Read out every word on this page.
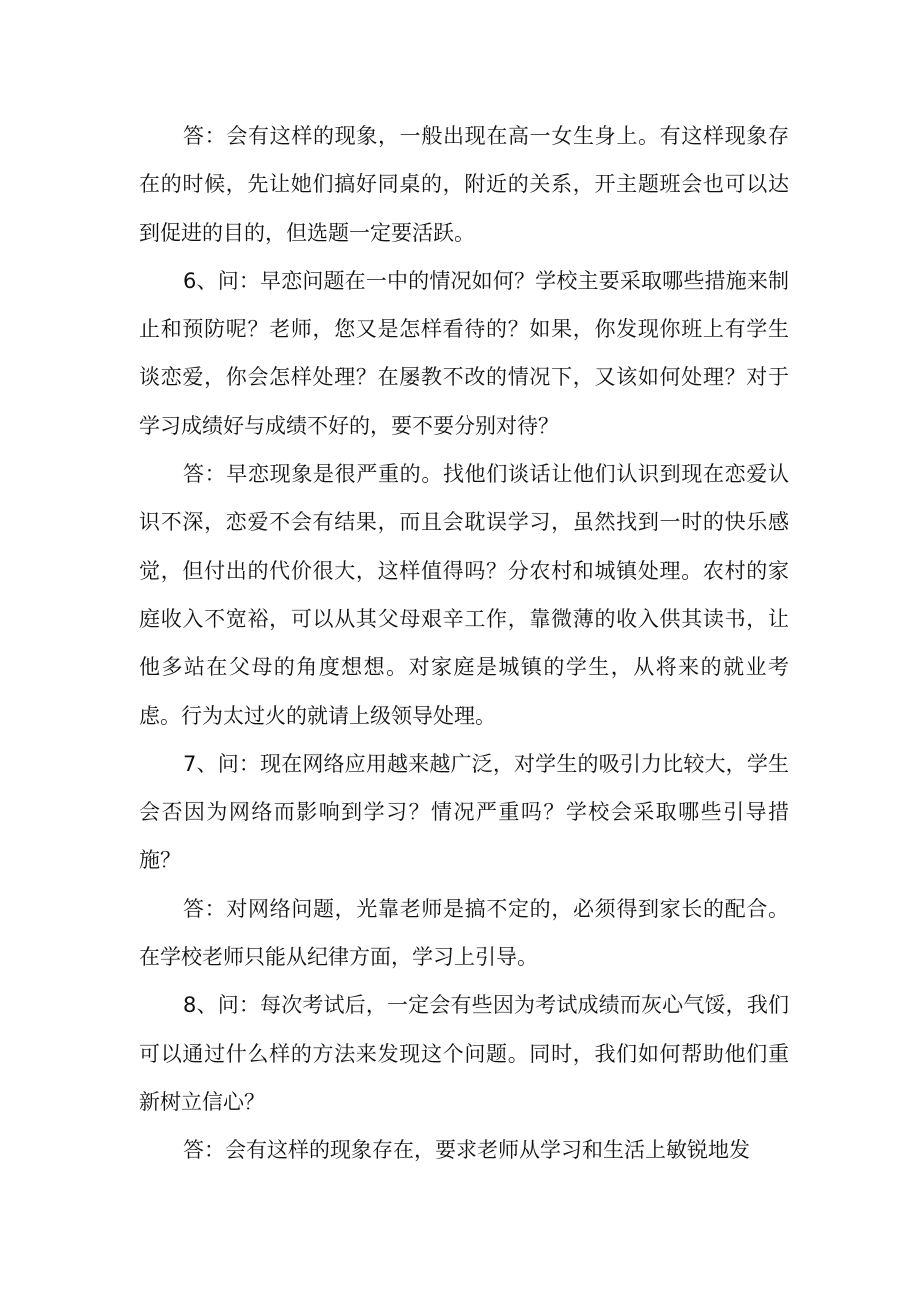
答：会有这样的现象，一般出现在高一女生身上。有这样现象存在的时候，先让她们搞好同桌的，附近的关系，开主题班会也可以达到促进的目的，但选题一定要活跃。

6、问：早恋问题在一中的情况如何？学校主要采取哪些措施来制止和预防呢？老师，您又是怎样看待的？如果，你发现你班上有学生谈恋爱，你会怎样处理？在屡教不改的情况下，又该如何处理？对于学习成绩好与成绩不好的，要不要分别对待？

答：早恋现象是很严重的。找他们谈话让他们认识到现在恋爱认识不深，恋爱不会有结果，而且会耽误学习，虽然找到一时的快乐感觉，但付出的代价很大，这样值得吗？分农村和城镇处理。农村的家庭收入不宽裕，可以从其父母艰辛工作，靠微薄的收入供其读书，让他多站在父母的角度想想。对家庭是城镇的学生，从将来的就业考虑。行为太过火的就请上级领导处理。

7、问：现在网络应用越来越广泛，对学生的吸引力比较大，学生会否因为网络而影响到学习？情况严重吗？学校会采取哪些引导措施？

答：对网络问题，光靠老师是搞不定的，必须得到家长的配合。在学校老师只能从纪律方面，学习上引导。

8、问：每次考试后，一定会有些因为考试成绩而灰心气馁，我们可以通过什么样的方法来发现这个问题。同时，我们如何帮助他们重新树立信心？

答：会有这样的现象存在，要求老师从学习和生活上敏锐地发
